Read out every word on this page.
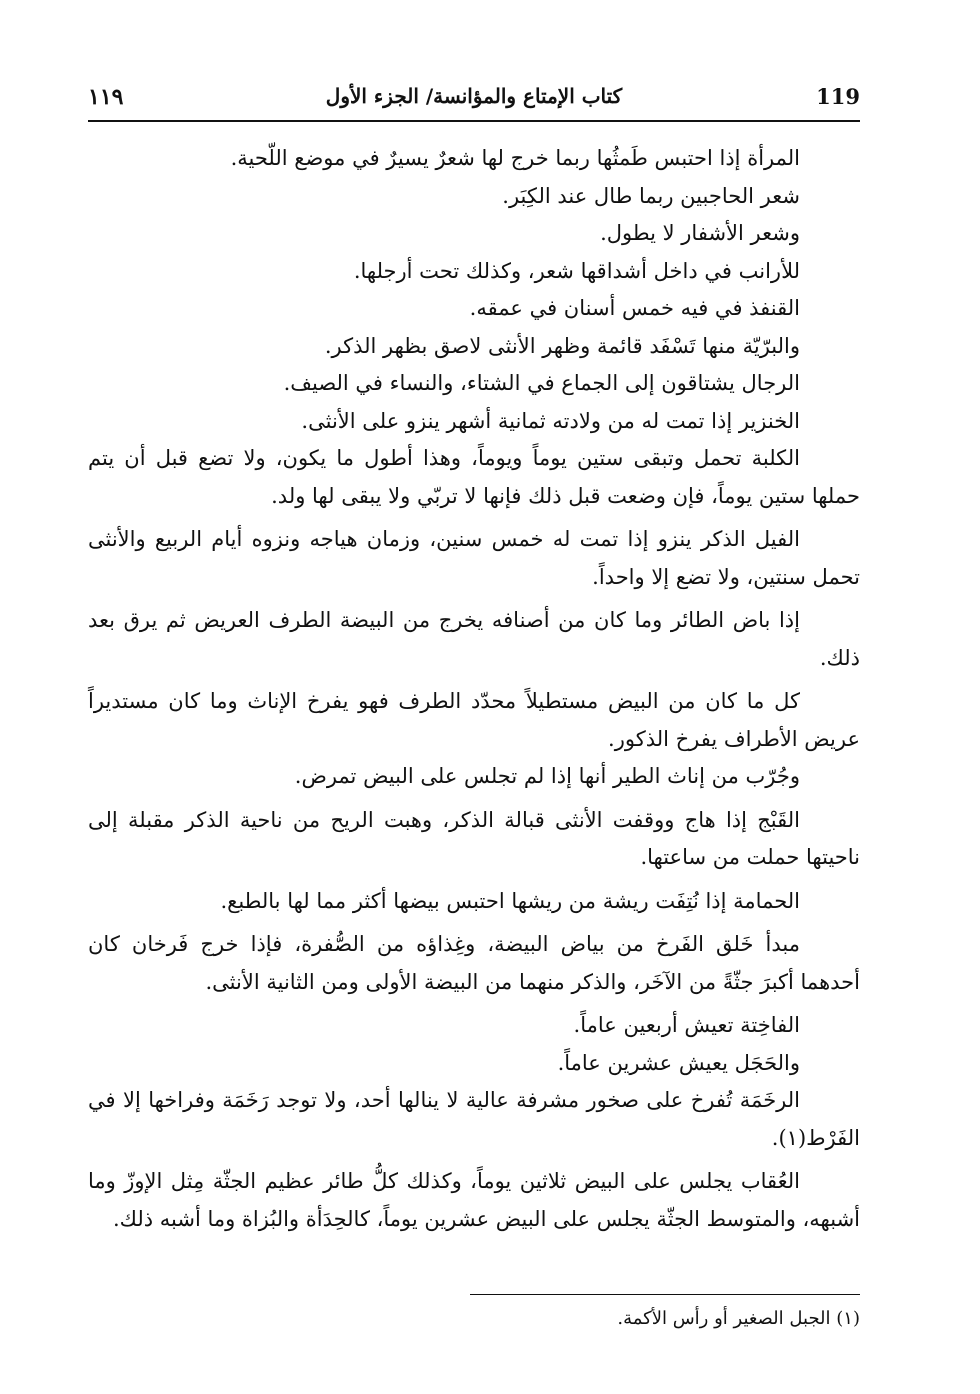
١١٩	كتاب الإمتاع والمؤانسة/ الجزء الأول	119

المرأة إذا احتبس طَمثُها ربما خرج لها شعرٌ يسيرٌ في موضع اللّحية.

شعر الحاجبين ربما طال عند الكِبَر.

وشعر الأشفار لا يطول.

للأرانب في داخل أشداقها شعر، وكذلك تحت أرجلها.

القنفذ في فيه خمس أسنان في عمقه.

والبرّيّة منها تَسْفَد قائمة وظهر الأنثى لاصق بظهر الذكر.

الرجال يشتاقون إلى الجماع في الشتاء، والنساء في الصيف.

الخنزير إذا تمت له من ولادته ثمانية أشهر ينزو على الأنثى.

الكلبة تحمل وتبقى ستين يوماً ويوماً، وهذا أطول ما يكون، ولا تضع قبل أن يتم حملها ستين يوماً، فإن وضعت قبل ذلك فإنها لا تربّي ولا يبقى لها ولد.

الفيل الذكر ينزو إذا تمت له خمس سنين، وزمان هياجه ونزوه أيام الربيع والأنثى تحمل سنتين، ولا تضع إلا واحداً.

إذا باض الطائر وما كان من أصنافه يخرج من البيضة الطرف العريض ثم يرق بعد ذلك.

كل ما كان من البيض مستطيلاً محدّد الطرف فهو يفرخ الإناث وما كان مستديراً عريض الأطراف يفرخ الذكور.

وجُرّب من إناث الطير أنها إذا لم تجلس على البيض تمرض.

القَبْج إذا هاج ووقفت الأنثى قبالة الذكر، وهبت الريح من ناحية الذكر مقبلة إلى ناحيتها حملت من ساعتها.

الحمامة إذا نُتِفَت ريشة من ريشها احتبس بيضها أكثر مما لها بالطبع.

مبدأ خَلق الفَرخ من بياض البيضة، وغِذاؤه من الصُّفرة، فإذا خرج فَرخان كان أحدهما أكبرَ جثّةً من الآخَر، والذكر منهما من البيضة الأولى ومن الثانية الأنثى.

الفاخِتة تعيش أربعين عاماً.

والحَجَل يعيش عشرين عاماً.

الرخَمَة تُفرخ على صخور مشرفة عالية لا ينالها أحد، ولا توجد رَخَمَة وفراخها إلا في الفَرْط(١).

العُقاب يجلس على البيض ثلاثين يوماً، وكذلك كلُّ طائر عظيم الجثّة مِثل الإوزّ وما أشبهه، والمتوسط الجثّة يجلس على البيض عشرين يوماً، كالحِدَأة والبُزاة وما أشبه ذلك.

(١) الجبل الصغير أو رأس الأكمة.
